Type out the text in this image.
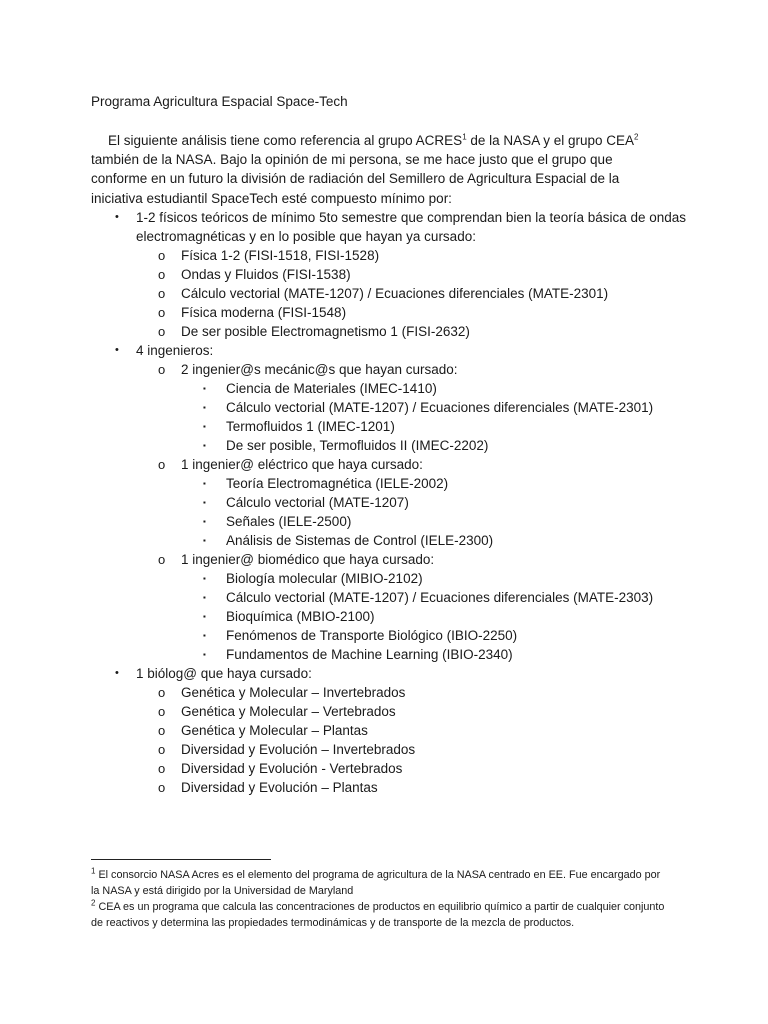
Programa Agricultura Espacial Space-Tech

El siguiente análisis tiene como referencia al grupo ACRES$^1$ de la NASA y el grupo CEA$^2$ también de la NASA. Bajo la opinión de mi persona, se me hace justo que el grupo que conforme en un futuro la división de radiación del Semillero de Agricultura Espacial de la iniciativa estudiantil SpaceTech esté compuesto mínimo por:

• 1-2 físicos teóricos de mínimo 5to semestre que comprendan bien la teoría básica de ondas electromagnéticas y en lo posible que hayan ya cursado:
o Física 1-2 (FISI-1518, FISI-1528)
o Ondas y Fluidos (FISI-1538)
o Cálculo vectorial (MATE-1207) / Ecuaciones diferenciales (MATE-2301)
o Física moderna (FISI-1548)
o De ser posible Electromagnetismo 1 (FISI-2632)
• 4 ingenieros:
o 2 ingenier@s mecánic@s que hayan cursado:
▪ Ciencia de Materiales (IMEC-1410)
▪ Cálculo vectorial (MATE-1207) / Ecuaciones diferenciales (MATE-2301)
▪ Termofluidos 1 (IMEC-1201)
▪ De ser posible, Termofluidos II (IMEC-2202)
o 1 ingenier@ eléctrico que haya cursado:
▪ Teoría Electromagnética (IELE-2002)
▪ Cálculo vectorial (MATE-1207)
▪ Señales (IELE-2500)
▪ Análisis de Sistemas de Control (IELE-2300)
o 1 ingenier@ biomédico que haya cursado:
▪ Biología molecular (MIBIO-2102)
▪ Cálculo vectorial (MATE-1207) / Ecuaciones diferenciales (MATE-2303)
▪ Bioquímica (MBIO-2100)
▪ Fenómenos de Transporte Biológico (IBIO-2250)
▪ Fundamentos de Machine Learning (IBIO-2340)
• 1 biólog@ que haya cursado:
o Genética y Molecular – Invertebrados
o Genética y Molecular – Vertebrados
o Genética y Molecular – Plantas
o Diversidad y Evolución – Invertebrados
o Diversidad y Evolución - Vertebrados
o Diversidad y Evolución – Plantas

$^1$ El consorcio NASA Acres es el elemento del programa de agricultura de la NASA centrado en EE. Fue encargado por la NASA y está dirigido por la Universidad de Maryland

$^2$ CEA es un programa que calcula las concentraciones de productos en equilibrio químico a partir de cualquier conjunto de reactivos y determina las propiedades termodinámicas y de transporte de la mezcla de productos.
